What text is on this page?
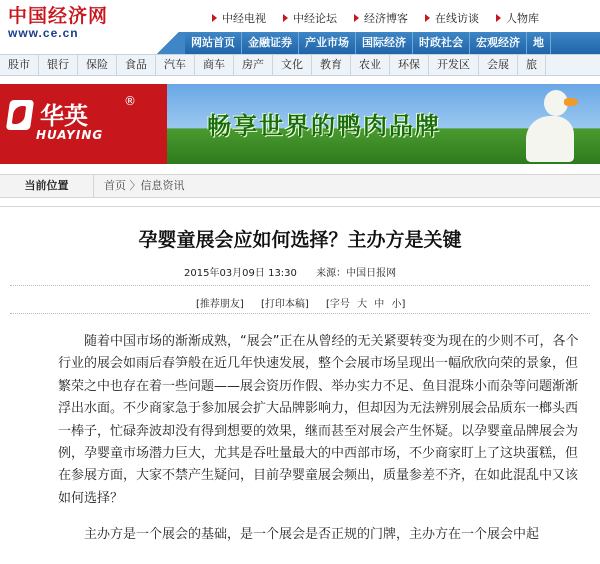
中国经济网
www.ce.cn
中经电视 中经论坛 经济博客 在线访谈 人物库
网站首页	金融证券	产业市场	国际经济	时政社会	宏观经济	地
股市	银行	保险	食品	汽车	商车	房产	文化	教育	农业	环保	开发区	会展	旅
华英
®
HUAYING	畅享世界的鸭肉品牌
当前位置	首页 〉信息资讯
孕婴童展会应如何选择？主办方是关键
2015年03月09日 13:30 来源：中国日报网
[推荐朋友] [打印本稿] [字号 大 中 小]

随着中国市场的渐渐成熟，“展会”正在从曾经的无关紧要转变为现在的少则不可，各个行业的展会如雨后春笋般在近几年快速发展，整个会展市场呈现出一幅欣欣向荣的景象，但繁荣之中也存在着一些问题——展会资历作假、举办实力不足、鱼目混珠小而杂等问题渐渐浮出水面。不少商家急于参加展会扩大品牌影响力，但却因为无法辨别展会品质东一榔头西一棒子，忙碌奔波却没有得到想要的效果，继而甚至对展会产生怀疑。以孕婴童品牌展会为例，孕婴童市场潜力巨大，尤其是吞吐量最大的中西部市场，不少商家盯上了这块蛋糕，但在参展方面，大家不禁产生疑问，目前孕婴童展会频出，质量参差不齐，在如此混乱中又该如何选择？

主办方是一个展会的基础，是一个展会是否正规的门牌，主办方在一个展会中起
